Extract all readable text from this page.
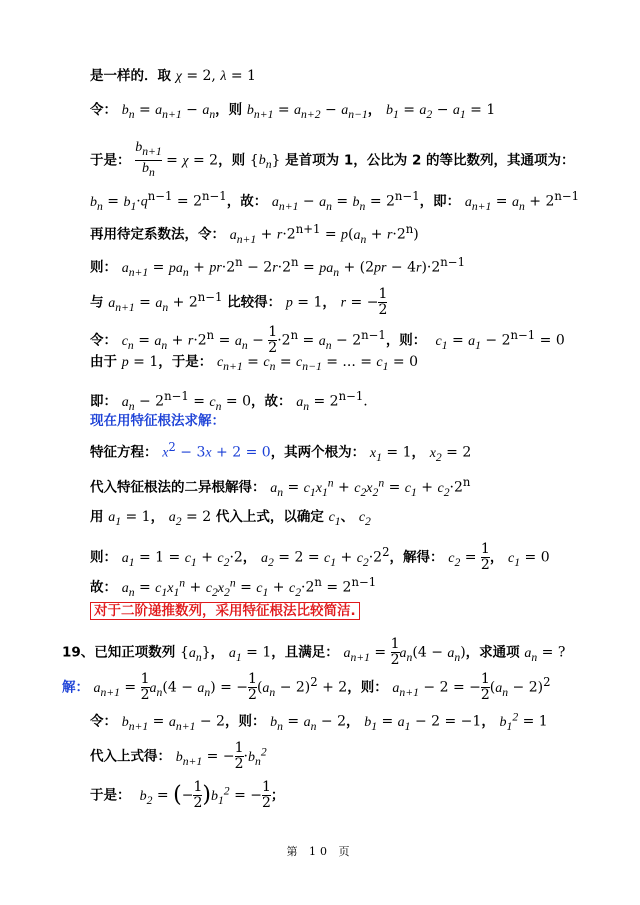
是一样的．取 χ = 2, λ = 1
令： $b_n = a_{n+1} - a_n$，则 $b_{n+1} = a_{n+2} - a_{n-1}$， $b_1 = a_2 - a_1 = 1$
于是： $\frac{b_{n+1}}{b_n} = \chi = 2$，则 $\{b_n\}$ 是首项为 1，公比为 2 的等比数列，其通项为：
$b_n = b_1\cdot q^{n-1} = 2^{n-1}$，故： $a_{n+1} - a_n = b_n = 2^{n-1}$，即： $a_{n+1} = a_n + 2^{n-1}$
再用待定系数法，令： $a_{n+1} + r\cdot 2^{n+1} = p(a_n + r\cdot 2^n)$
则： $a_{n+1} = pa_n + pr\cdot 2^n - 2r\cdot 2^n = pa_n + (2pr - 4r)\cdot 2^{n-1}$
与 $a_{n+1} = a_n + 2^{n-1}$ 比较得： p = 1， r = − $\frac{1}{2}$
令： $c_n = a_n + r\cdot 2^n = a_n - \frac{1}{2} \cdot 2^n = a_n - 2^{n-1}$，则：  $c_1 = a_1 - 2^{n-1} = 0$
由于 p = 1，于是： $c_{n+1} = c_n = c_{n-1}$ = ... = $c_1 = 0$
即： $a_n - 2^{n-1} = c_n = 0$，故： $a_n = 2^{n-1}$.
现在用特征根法求解：
特征方程： $x^2 - 3x + 2 = 0$，其两个根为： $x_1 = 1$， $x_2 = 2$
代入特征根法的二异根解得： $a_n = c_1x_1^n + c_2x_2^n = c_1 + c_2\cdot 2^n$
用 $a_1 = 1$， $a_2 = 2$ 代入上式，以确定 $c_1$、 $c_2$
则： $a_1 = 1 = c_1 + c_2\cdot 2$， $a_2 = 2 = c_1 + c_2\cdot 2^2$，解得： $c_2 = \frac{1}{2}$ ， $c_1 = 0$
故： $a_n = c_1x_1^n + c_2x_2^n = c_1 + c_2\cdot 2^n = 2^{n-1}$
对于二阶递推数列，采用特征根法比较简洁.
19、已知正项数列 $\{a_n\}$， $a_1 = 1$，且满足： $a_{n+1} = \frac{1}{2} a_n(4 - a_n)$，求通项 $a_n$ = ?
解： $a_{n+1} = \frac{1}{2} a_n(4 - a_n)$ = − $\frac{1}{2} (a_n - 2)^2 + 2$，则： $a_{n+1} - 2$ = − $\frac{1}{2} (a_n - 2)^2$
令： $b_{n+1} = a_{n+1} - 2$，则： $b_n = a_n - 2$， $b_1 = a_1 - 2 = -1$， $b_1^2 = 1$
代入上式得： $b_{n+1}$ = − $\frac{1}{2} \cdot b_n^2$
于是：  $b_2$ = (− $\frac{1}{2} )b_1^2$ = − $\frac{1}{2}$ ；
第 10 页
